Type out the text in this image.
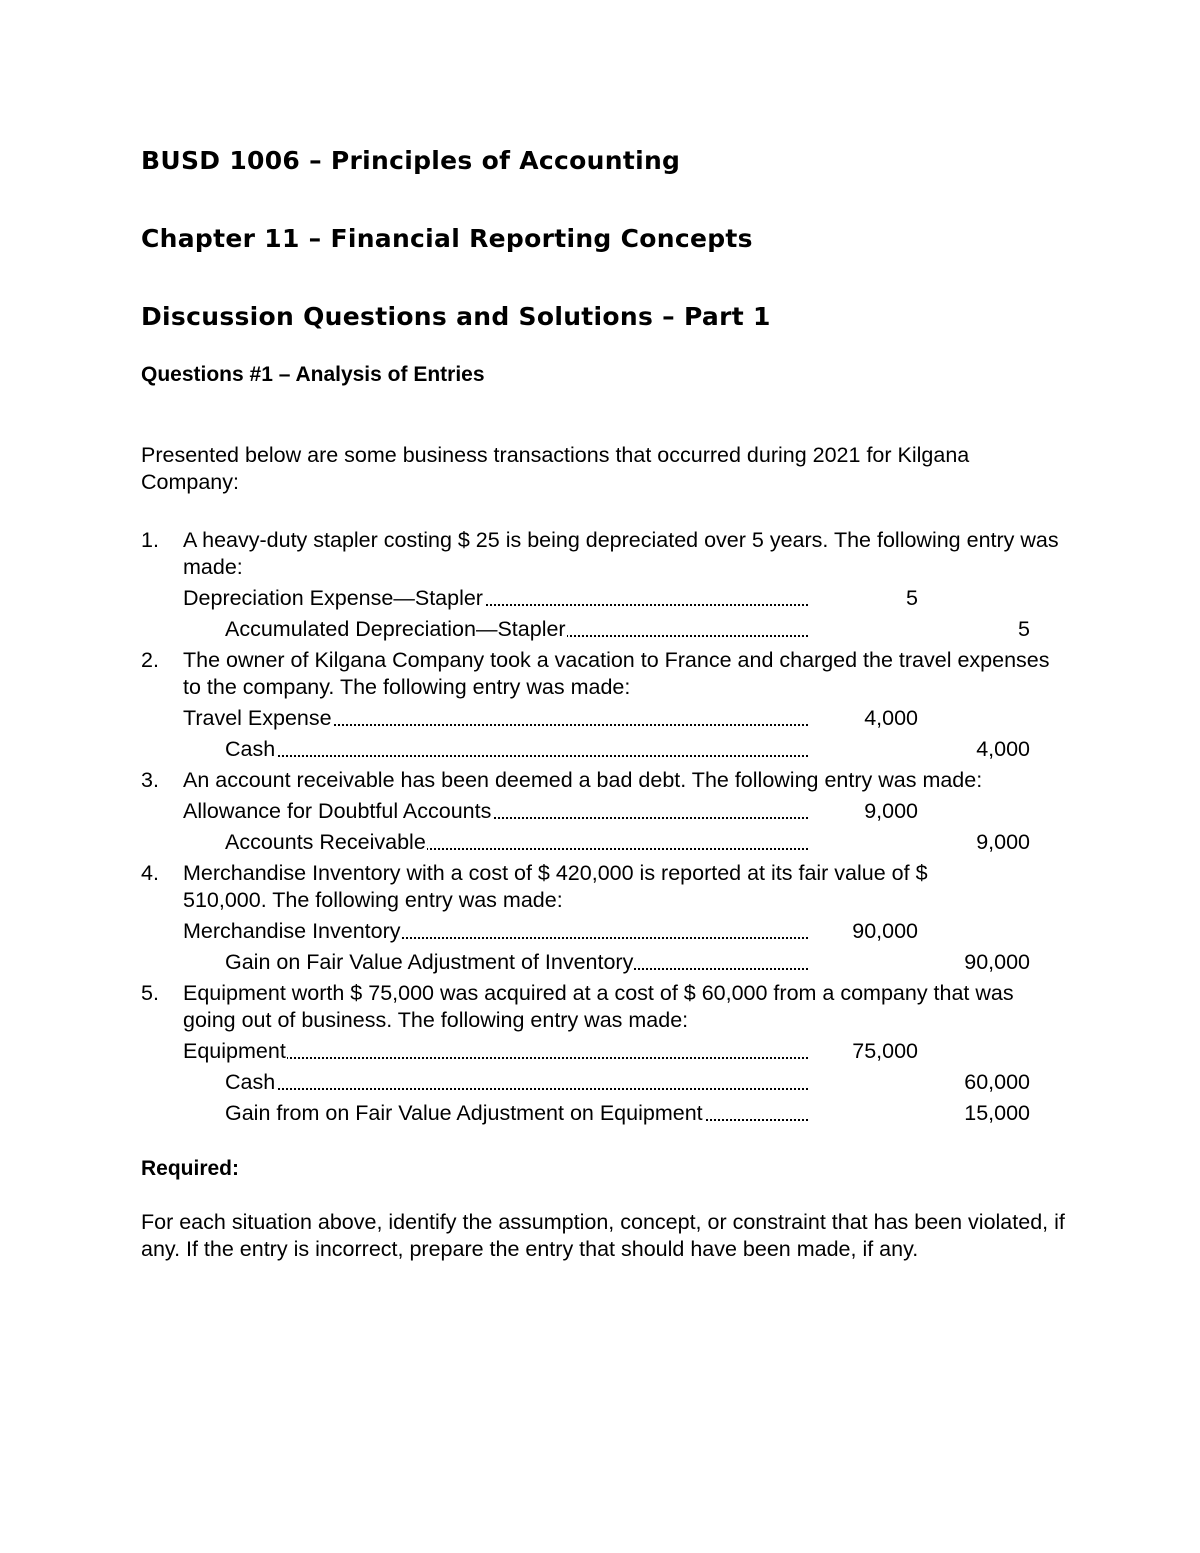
BUSD 1006 – Principles of Accounting
Chapter 11 – Financial Reporting Concepts
Discussion Questions and Solutions – Part 1
Questions #1 – Analysis of Entries

Presented below are some business transactions that occurred during 2021 for Kilgana Company:

1. A heavy-duty stapler costing $ 25 is being depreciated over 5 years. The following entry was made:

Depreciation Expense—Stapler	5
Accumulated Depreciation—Stapler	5
2. The owner of Kilgana Company took a vacation to France and charged the travel expenses to the company. The following entry was made:

Travel Expense	4,000
Cash	4,000
3. An account receivable has been deemed a bad debt. The following entry was made:

Allowance for Doubtful Accounts	9,000
Accounts Receivable	9,000
4. Merchandise Inventory with a cost of $ 420,000 is reported at its fair value of $ 510,000. The following entry was made:

Merchandise Inventory	90,000
Gain on Fair Value Adjustment of Inventory	90,000
5. Equipment worth $ 75,000 was acquired at a cost of $ 60,000 from a company that was going out of business. The following entry was made:

Equipment	75,000
Cash	60,000
Gain from on Fair Value Adjustment on Equipment	15,000
Required:

For each situation above, identify the assumption, concept, or constraint that has been violated, if any. If the entry is incorrect, prepare the entry that should have been made, if any.
